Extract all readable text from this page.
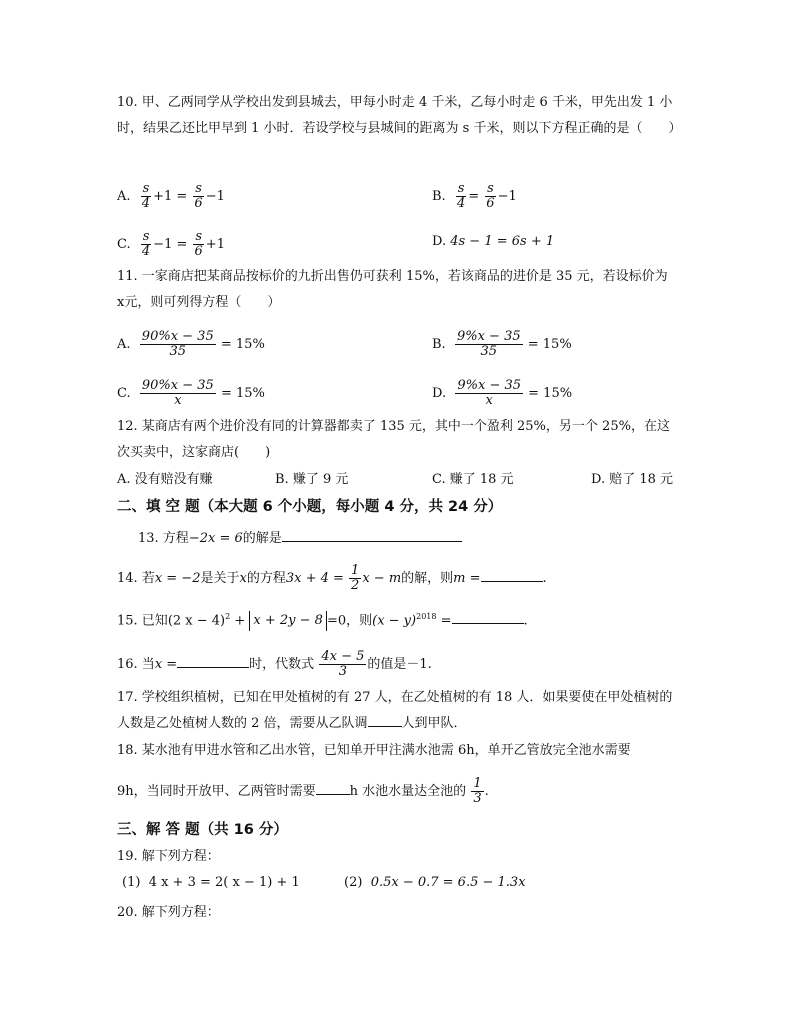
10. 甲、乙两同学从学校出发到县城去，甲每小时走 4 千米，乙每小时走 6 千米，甲先出发 1 小时，结果乙还比甲早到 1 小时．若设学校与县城间的距离为 s 千米，则以下方程正确的是（　　）
A. $\frac{s}{4} +1 = \frac{s}{6} -1$	B. $\frac{s}{4} = \frac{s}{6} -1$
C. $\frac{s}{4} -1 = \frac{s}{6} +1$	D. 4s − 1 = 6s + 1
11. 一家商店把某商品按标价的九折出售仍可获利 15%，若该商品的进价是 35 元，若设标价为 x元，则可列得方程（　　）
A. $\frac{90\%x - 35}{35} = 15\%$	B. $\frac{9\%x - 35}{35} = 15\%$
C. $\frac{90\%x - 35}{x} = 15\%$	D. $\frac{9\%x - 35}{x} = 15\%$
12. 某商店有两个进价没有同的计算器都卖了 135 元，其中一个盈利 25%，另一个 25%，在这次买卖中，这家商店(　　)
A. 没有赔没有赚	B. 赚了 9 元	C. 赚了 18 元	D. 赔了 18 元
二、填 空 题（本大题 6 个小题，每小题 4 分，共 24 分）
13. 方程−2x = 6的解是
14. 若x = −2是关于x的方程$3x + 4 = \frac{1}{2}$ x − m的解，则m =	.
15. 已知(2 x − 4)$^2$ + x + 2y − 8 =0，则$(x - y)^{2018}$ =	.
16. 当x =	时，代数式 $\frac{4x - 5}{3}$ 的值是－1.
17. 学校组织植树，已知在甲处植树的有 27 人，在乙处植树的有 18 人．如果要使在甲处植树的人数是乙处植树人数的 2 倍，需要从乙队调	人到甲队．
18. 某水池有甲进水管和乙出水管，已知单开甲注满水池需 6h，单开乙管放完全池水需要
9h，当同时开放甲、乙两管时需要	h 水池水量达全池的 $\frac{1}{3}$ .
三、解 答 题（共 16 分）
19. 解下列方程：
(1) 4 x + 3 = 2( x − 1) + 1	(2) 0.5x − 0.7 = 6.5 − 1.3x
20. 解下列方程：
